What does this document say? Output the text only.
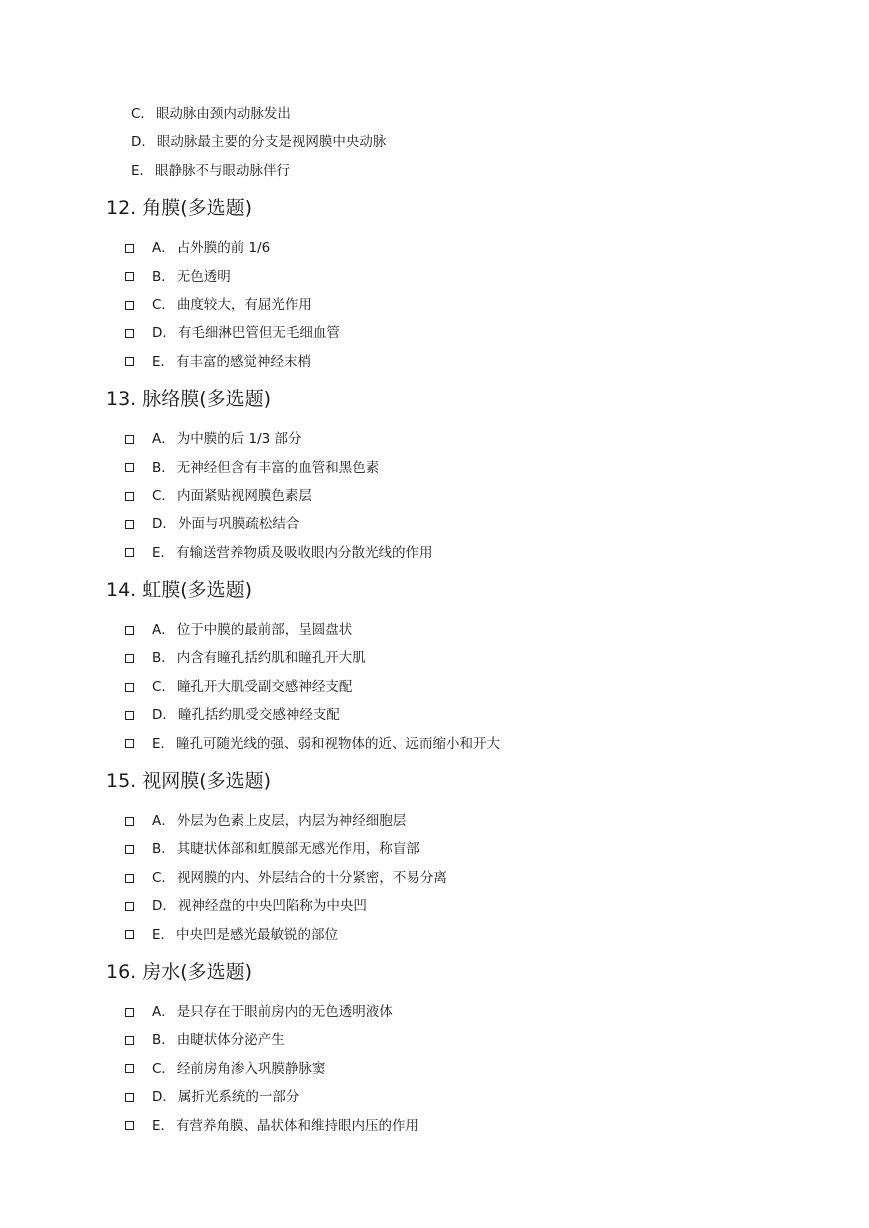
C． 眼动脉由颈内动脉发出
D． 眼动脉最主要的分支是视网膜中央动脉
E． 眼静脉不与眼动脉伴行
12. 角膜(多选题)
A． 占外膜的前 1/6
B． 无色透明
C． 曲度较大，有屈光作用
D． 有毛细淋巴管但无毛细血管
E． 有丰富的感觉神经末梢
13. 脉络膜(多选题)
A． 为中膜的后 1/3 部分
B． 无神经但含有丰富的血管和黑色素
C． 内面紧贴视网膜色素层
D． 外面与巩膜疏松结合
E． 有输送营养物质及吸收眼内分散光线的作用
14. 虹膜(多选题)
A． 位于中膜的最前部，呈圆盘状
B． 内含有瞳孔括约肌和瞳孔开大肌
C． 瞳孔开大肌受副交感神经支配
D． 瞳孔括约肌受交感神经支配
E． 瞳孔可随光线的强、弱和视物体的近、远而缩小和开大
15. 视网膜(多选题)
A． 外层为色素上皮层，内层为神经细胞层
B． 其睫状体部和虹膜部无感光作用，称盲部
C． 视网膜的内、外层结合的十分紧密，不易分离
D． 视神经盘的中央凹陷称为中央凹
E． 中央凹是感光最敏锐的部位
16. 房水(多选题)
A． 是只存在于眼前房内的无色透明液体
B． 由睫状体分泌产生
C． 经前房角渗入巩膜静脉窦
D． 属折光系统的一部分
E． 有营养角膜、晶状体和维持眼内压的作用
